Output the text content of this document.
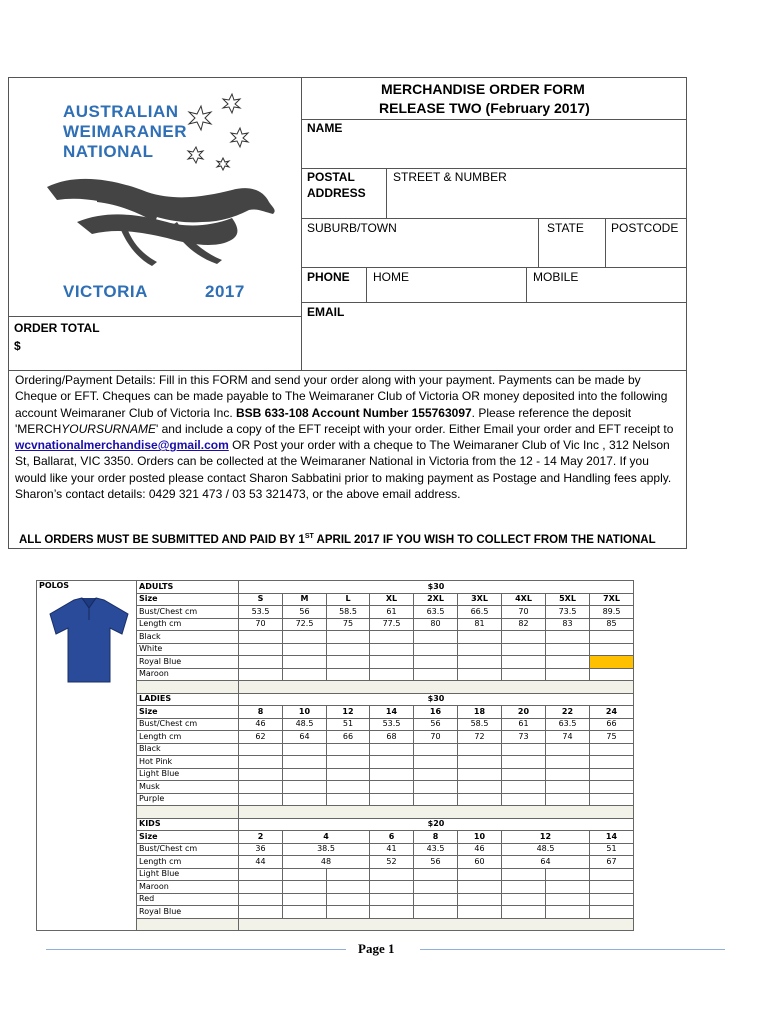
AUSTRALIAN
WEIMARANER
NATIONAL
VICTORIA	2017
MERCHANDISE ORDER FORM
RELEASE TWO (February 2017)
NAME
POSTAL
ADDRESS
STREET & NUMBER
SUBURB/TOWN	STATE POSTCODE
PHONE HOME	MOBILE
EMAIL
ORDER TOTAL
$
Ordering/Payment Details: Fill in this FORM and send your order along with your payment. Payments can be made by Cheque or EFT. Cheques can be made payable to The Weimaraner Club of Victoria OR money deposited into the following account Weimaraner Club of Victoria Inc. BSB 633-108 Account Number 155763097. Please reference the deposit 'MERCHYOURSURNAME' and include a copy of the EFT receipt with your order. Either Email your order and EFT receipt to wcvnationalmerchandise@gmail.com OR Post your order with a cheque to The Weimaraner Club of Vic Inc , 312 Nelson St, Ballarat, VIC 3350. Orders can be collected at the Weimaraner National in Victoria from the 12 - 14 May 2017. If you would like your order posted please contact Sharon Sabbatini prior to making payment as Postage and Handling fees apply. Sharon’s contact details: 0429 321 473 / 03 53 321473, or the above email address.
ALL ORDERS MUST BE SUBMITTED AND PAID BY 1ST APRIL 2017 IF YOU WISH TO COLLECT FROM THE NATIONAL
POLOS	ADULTS	$30								
	Size	S	M	L	XL	2XL	3XL	4XL	5XL	7XL
	Bust/Chest cm	53.5	56	58.5	61	63.5	66.5	70	73.5	89.5
	Length cm	70	72.5	75	77.5	80	81	82	83	85
	Black									
	White									
	Royal Blue									
	Maroon									

	LADIES	$30								
	Size	8	10	12	14	16	18	20	22	24
	Bust/Chest cm	46	48.5	51	53.5	56	58.5	61	63.5	66
	Length cm	62	64	66	68	70	72	73	74	75
	Black									
	Hot Pink									
	Light Blue									
	Musk									
	Purple									

	KIDS	$20								
	Size	2	4		6	8	10	12		14
	Bust/Chest cm	36	38.5		41	43.5	46	48.5		51
	Length cm	44	48		52	56	60	64		67
	Light Blue									
	Maroon									
	Red									
	Royal Blue									

Page 1
